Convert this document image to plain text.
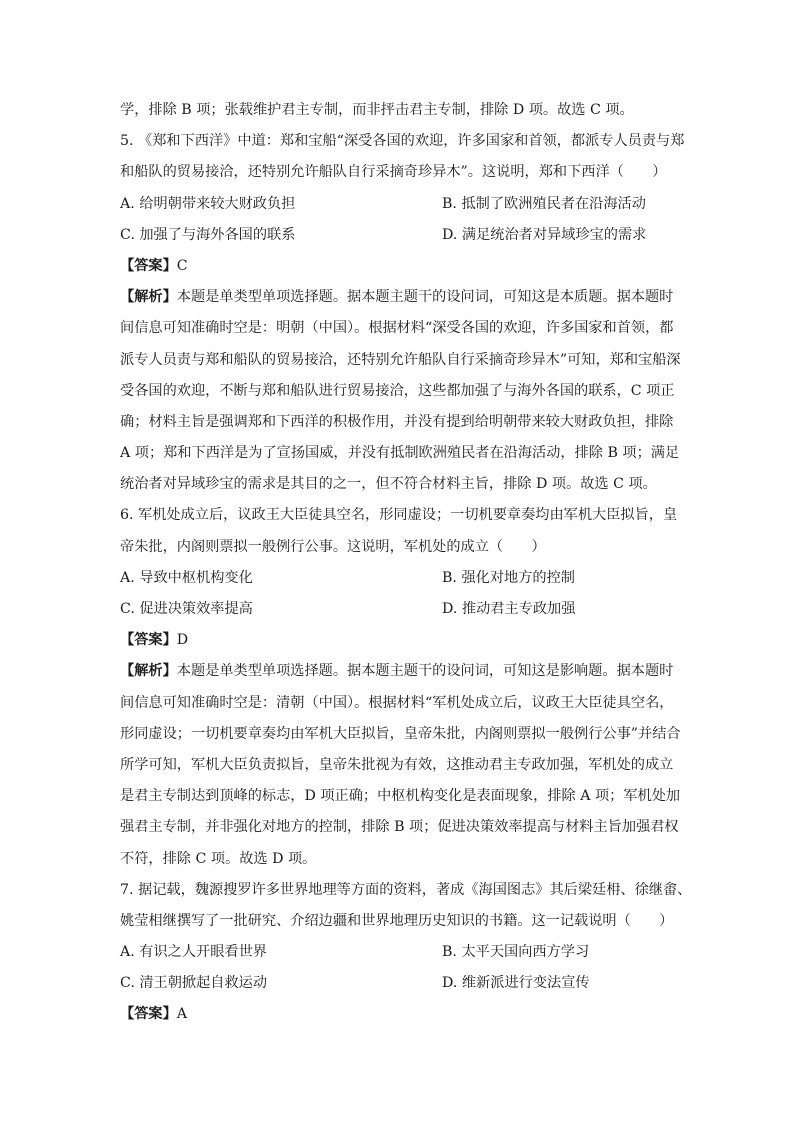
学，排除 B 项；张载维护君主专制，而非抨击君主专制，排除 D 项。故选 C 项。
5. 《郑和下西洋》中道：郑和宝船“深受各国的欢迎，许多国家和首领，都派专人员责与郑
和船队的贸易接洽，还特别允许船队自行采摘奇珍异木”。这说明，郑和下西洋（　　）
A. 给明朝带来较大财政负担	B. 抵制了欧洲殖民者在沿海活动
C. 加强了与海外各国的联系	D. 满足统治者对异域珍宝的需求
【答案】C
【解析】本题是单类型单项选择题。据本题主题干的设问词，可知这是本质题。据本题时
间信息可知准确时空是：明朝（中国）。根据材料“深受各国的欢迎，许多国家和首领，都
派专人员责与郑和船队的贸易接洽，还特别允许船队自行采摘奇珍异木”可知，郑和宝船深
受各国的欢迎，不断与郑和船队进行贸易接洽，这些都加强了与海外各国的联系，C 项正
确；材料主旨是强调郑和下西洋的积极作用，并没有提到给明朝带来较大财政负担，排除
A 项；郑和下西洋是为了宣扬国威，并没有抵制欧洲殖民者在沿海活动，排除 B 项；满足
统治者对异域珍宝的需求是其目的之一，但不符合材料主旨，排除 D 项。故选 C 项。
6. 军机处成立后，议政王大臣徒具空名，形同虚设；一切机要章奏均由军机大臣拟旨，皇
帝朱批，内阁则票拟一般例行公事。这说明，军机处的成立（　　）
A. 导致中枢机构变化	B. 强化对地方的控制
C. 促进决策效率提高	D. 推动君主专政加强
【答案】D
【解析】本题是单类型单项选择题。据本题主题干的设问词，可知这是影响题。据本题时
间信息可知准确时空是：清朝（中国）。根据材料“军机处成立后，议政王大臣徒具空名，
形同虚设；一切机要章奏均由军机大臣拟旨，皇帝朱批，内阁则票拟一般例行公事”并结合
所学可知，军机大臣负责拟旨，皇帝朱批视为有效，这推动君主专政加强，军机处的成立
是君主专制达到顶峰的标志，D 项正确；中枢机构变化是表面现象，排除 A 项；军机处加
强君主专制，并非强化对地方的控制，排除 B 项；促进决策效率提高与材料主旨加强君权
不符，排除 C 项。故选 D 项。
7. 据记载，魏源搜罗许多世界地理等方面的资料，著成《海国图志》其后梁廷枏、徐继畬、
姚莹相继撰写了一批研究、介绍边疆和世界地理历史知识的书籍。这一记载说明（　　）
A. 有识之人开眼看世界	B. 太平天国向西方学习
C. 清王朝掀起自救运动	D. 维新派进行变法宣传
【答案】A
